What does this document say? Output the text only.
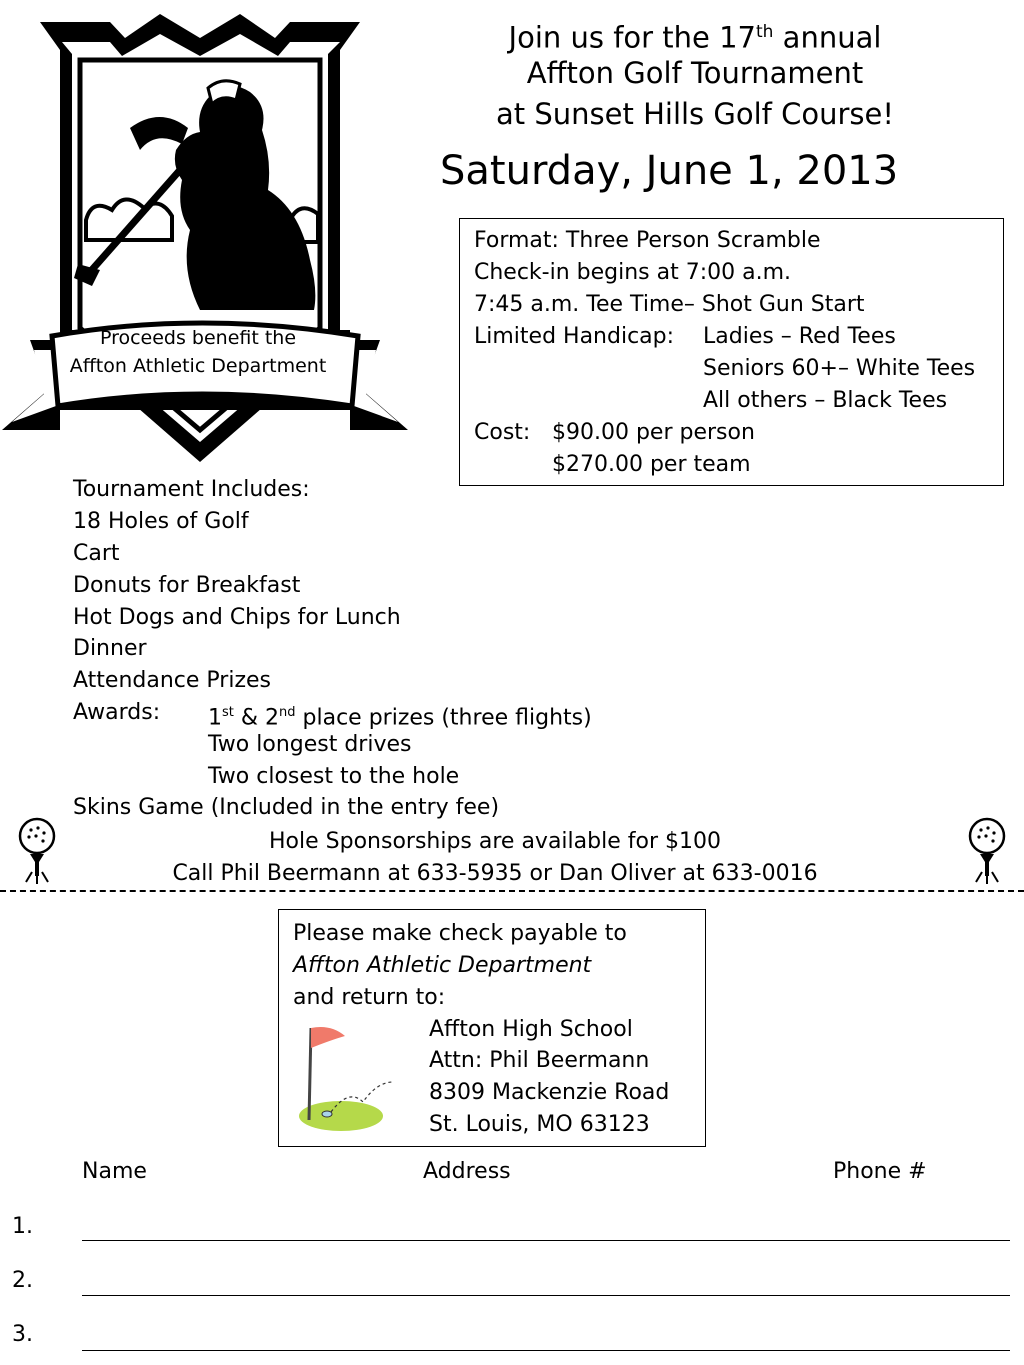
Proceeds benefit the
Affton Athletic Department
Join us for the 17th annual
Affton Golf Tournament
at Sunset Hills Golf Course!
Saturday, June 1, 2013
Format: Three Person Scramble
Check-in begins at 7:00 a.m.
7:45 a.m. Tee Time– Shot Gun Start
Limited Handicap: Ladies – Red Tees
Seniors 60+– White Tees
All others – Black Tees
Cost: $90.00 per person
$270.00 per team
Tournament Includes:
18 Holes of Golf
Cart
Donuts for Breakfast
Hot Dogs and Chips for Lunch
Dinner
Attendance Prizes
Awards: 1st & 2nd place prizes (three flights)
Two longest drives
Two closest to the hole
Skins Game (Included in the entry fee)
Hole Sponsorships are available for $100
Call Phil Beermann at 633-5935 or Dan Oliver at 633-0016
Please make check payable to
Affton Athletic Department
and return to:
Affton High School
Attn: Phil Beermann
8309 Mackenzie Road
St. Louis, MO 63123
Name	Address	Phone #
1.
2.
3.
